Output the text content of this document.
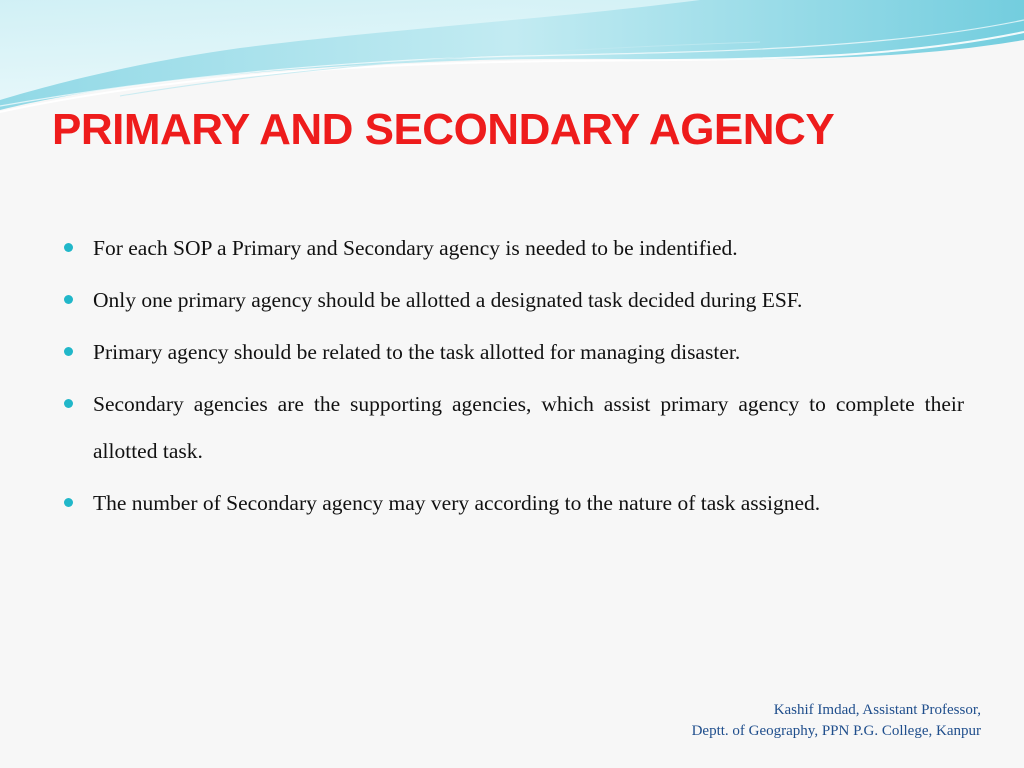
PRIMARY AND SECONDARY AGENCY
For each SOP a Primary and Secondary agency is needed to be indentified.
Only one primary agency should be allotted a designated task decided during ESF.
Primary agency should be related to the task allotted for managing disaster.
Secondary agencies are the supporting agencies, which assist primary agency to complete their allotted task.
The number of Secondary agency may very according to the nature of task assigned.
Kashif Imdad, Assistant Professor,
Deptt. of Geography, PPN P.G. College, Kanpur
